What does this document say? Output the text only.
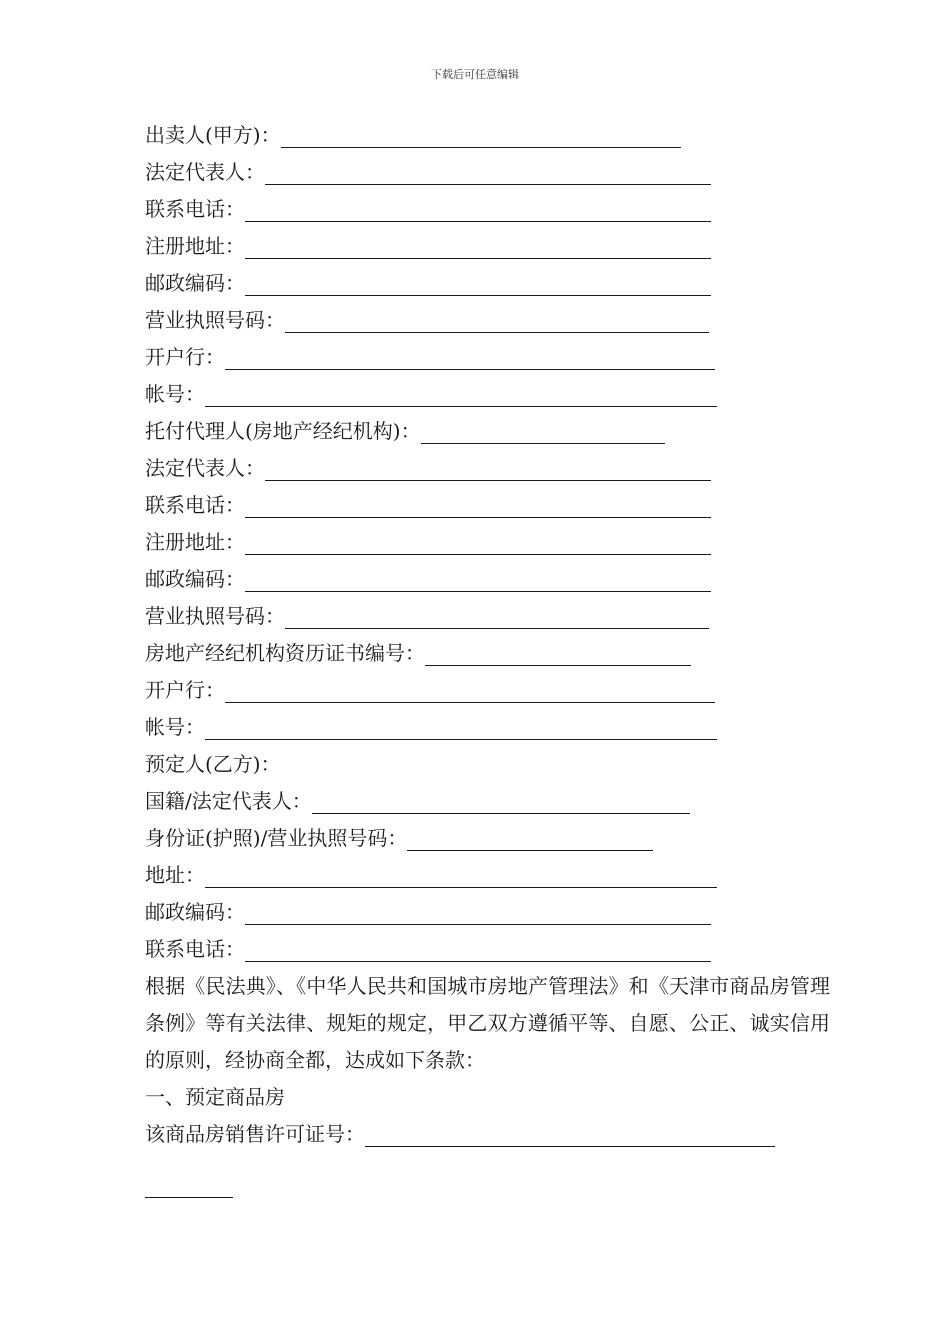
下载后可任意编辑
出卖人(甲方)：
法定代表人：
联系电话：
注册地址：
邮政编码：
营业执照号码：
开户行：
帐号：
托付代理人(房地产经纪机构)：
法定代表人：
联系电话：
注册地址：
邮政编码：
营业执照号码：
房地产经纪机构资历证书编号：
开户行：
帐号：
预定人(乙方)：
国籍/法定代表人：
身份证(护照)/营业执照号码：
地址：
邮政编码：
联系电话：
根据《民法典》、《中华人民共和国城市房地产管理法》和《天津市商品房管理条例》等有关法律、规矩的规定，甲乙双方遵循平等、自愿、公正、诚实信用的原则，经协商全都，达成如下条款：
一、预定商品房
该商品房销售许可证号：
